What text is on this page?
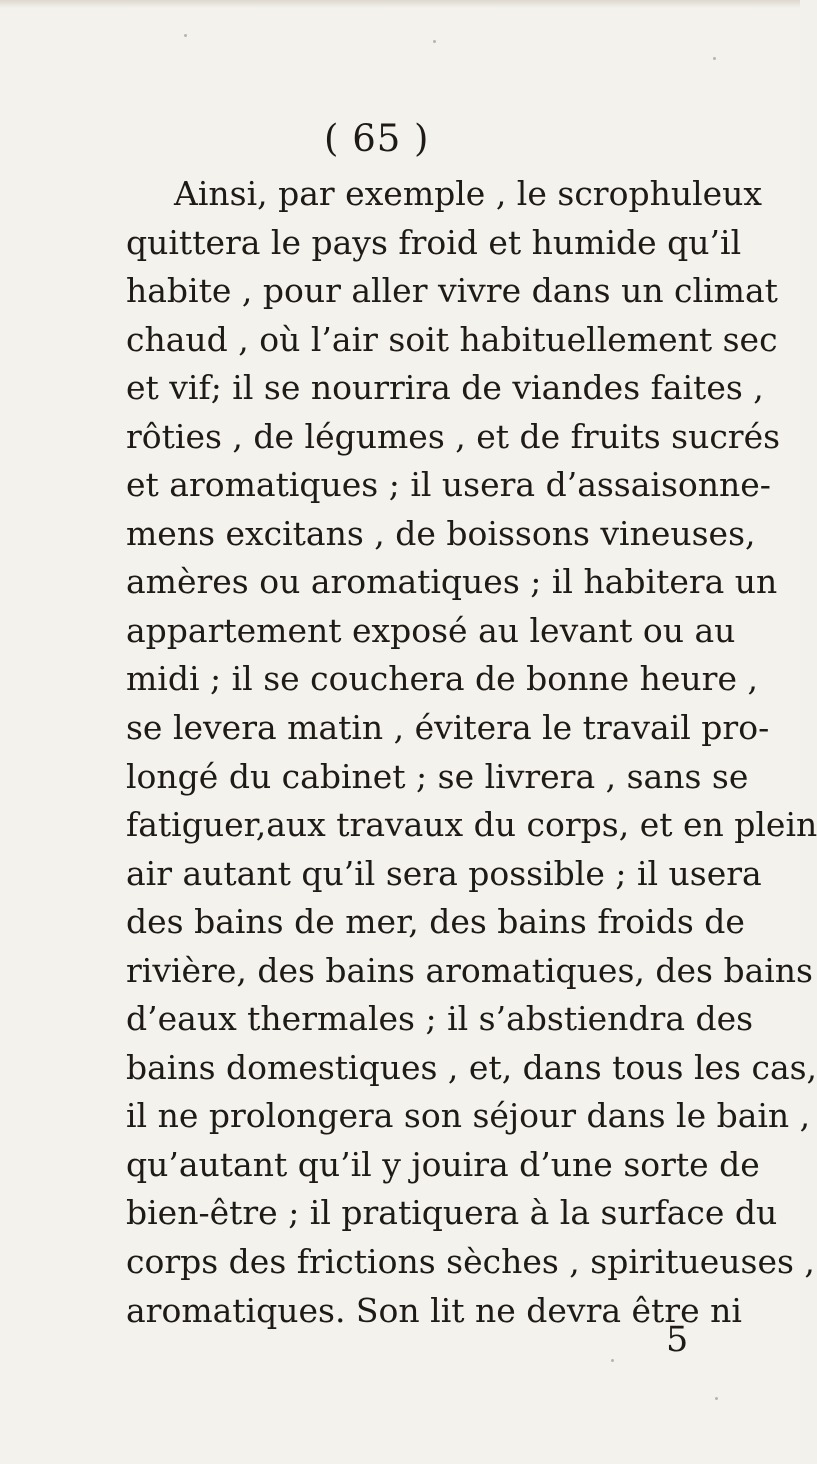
( 65 )
Ainsi, par exemple , le scrophuleux
quittera le pays froid et humide qu’il
habite , pour aller vivre dans un climat
chaud , où l’air soit habituellement sec
et vif; il se nourrira de viandes faites ,
rôties , de légumes , et de fruits sucrés
et aromatiques ; il usera d’assaisonne-
mens excitans , de boissons vineuses,
amères ou aromatiques ; il habitera un
appartement exposé au levant ou au
midi ; il se couchera de bonne heure ,
se levera matin , évitera le travail pro-
longé du cabinet ; se livrera , sans se
fatiguer,aux travaux du corps, et en plein
air autant qu’il sera possible ; il usera
des bains de mer, des bains froids de
rivière, des bains aromatiques, des bains
d’eaux thermales ; il s’abstiendra des
bains domestiques , et, dans tous les cas,
il ne prolongera son séjour dans le bain ,
qu’autant qu’il y jouira d’une sorte de
bien-être ; il pratiquera à la surface du
corps des frictions sèches , spiritueuses ,
aromatiques. Son lit ne devra être ni
5
